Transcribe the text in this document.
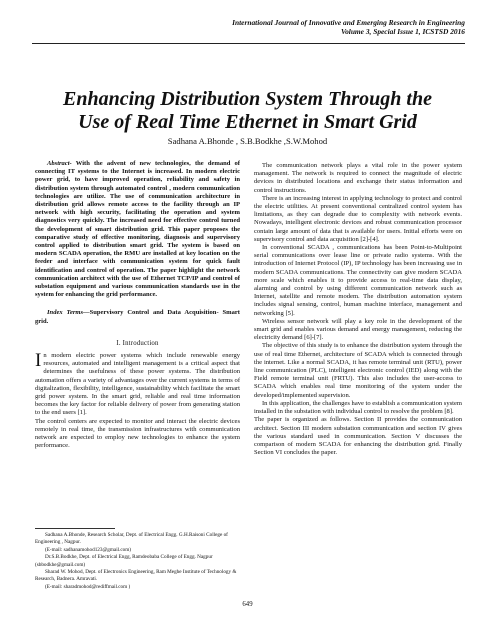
International Journal of Innovative and Emerging Research in Engineering
Volume 3, Special Issue 1, ICSTSD 2016
Enhancing Distribution System Through the
Use of Real Time Ethernet in Smart Grid
Sadhana A.Bhonde , S.B.Bodkhe ,S.W.Mohod

Abstract- With the advent of new technologies, the demand of connecting IT systems to the Internet is increased. In modern electric power grid, to have improved operation, reliability and safety in distribution system through automated control , modern communication technologies are utilize. The use of communication architecture in distribution grid allows remote access to the facility through an IP network with high security, facilitating the operation and system diagnostics very quickly. The increased need for effective control turned the development of smart distribution grid. This paper proposes the comparative study of effective monitoring, diagnosis and supervisory control applied to distribution smart grid. The system is based on modern SCADA operation, the RMU are installed at key location on the feeder and interface with communication system for quick fault identification and control of operation. The paper highlight the network communication architect with the use of Ethernet TCP/IP and control of substation equipment and various communication standards use in the system for enhancing the grid performance.

Index Terms—Supervisory Control and Data Acquisition- Smart grid.

I. Introduction

In modern electric power systems which include renewable energy resources, automated and intelligent management is a critical aspect that determines the usefulness of these power systems. The distribution automation offers a variety of advantages over the current systems in terms of digitalization, flexibility, intelligence, sustainability which facilitate the smart grid power system. In the smart grid, reliable and real time information becomes the key factor for reliable delivery of power from generating station to the end users [1].

The control centers are expected to monitor and interact the electric devices remotely in real time, the transmission infrastructures with communication network are expected to employ new technologies to enhance the system performance.

Sadhana A.Bhonde, Research Scholar, Dept. of Electrical Engg. G.H.Raisoni College of Engineering , Nagpur.

(E-mail: sadhanamohod123@gmail.com)

Dr.S.B.Bodkhe, Dept. of Electrical Engg, Ramdeobaba College of Engg. Nagpur (sbbodkhe@gmail.com)

Sharad W. Mohod, Dept. of Electronics Engineering, Ram Meghe Institute of Technology & Research, Badnera. Amravati.

(E-mail: sharadmohod@rediffmail.com )

The communication network plays a vital role in the power system management. The network is required to connect the magnitude of electric devices in distributed locations and exchange their status information and control instructions.

There is an increasing interest in applying technology to protect and control the electric utilities. At present conventional centralized control system has limitations, as they can degrade due to complexity with network events. Nowadays, intelligent electronic devices and robust communication processor contain large amount of data that is available for users. Initial efforts were on supervisory control and data acquisition [2]-[4].

In conventional SCADA , communications has been Point-to-Multipoint serial communications over lease line or private radio systems. With the introduction of Internet Protocol (IP), IP technology has been increasing use in modern SCADA communications. The connectivity can give modern SCADA more scale which enables it to provide access to real-time data display, alarming and control by using different communication network such as Internet, satellite and remote modem. The distribution automation system includes signal sensing, control, human machine interface, management and networking [5].

Wireless sensor network will play a key role in the development of the smart grid and enables various demand and energy management, reducing the electricity demand [6]-[7].

The objective of this study is to enhance the distribution system through the use of real time Ethernet, architecture of SCADA which is connected through the internet. Like a normal SCADA, it has remote terminal unit (RTU), power line communication (PLC), intelligent electronic control (IED) along with the Field remote terminal unit (FRTU). This also includes the user-access to SCADA which enables real time monitoring of the system under the developed/implemented supervision.

In this application, the challenges have to establish a communication system installed in the substation with individual control to resolve the problem [8].

The paper is organized as follows. Section II provides the communication architect. Section III modern substation communication and section IV gives the various standard used in communication. Section V discusses the comparison of modern SCADA for enhancing the distribution grid. Finally Section VI concludes the paper.

649
